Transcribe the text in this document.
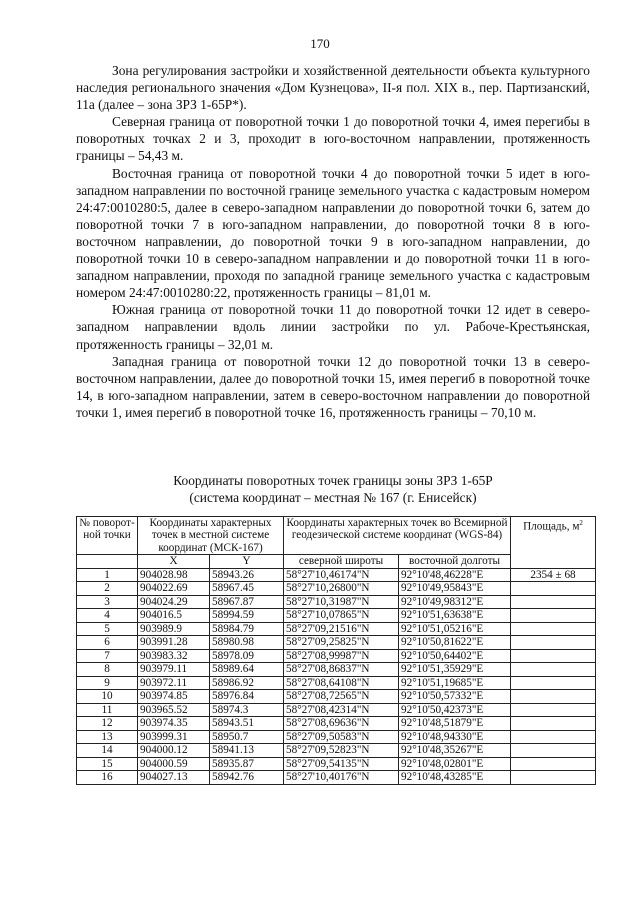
170

Зона регулирования застройки и хозяйственной деятельности объекта культурного наследия регионального значения «Дом Кузнецова», II-я пол. XIX в., пер. Партизанский, 11а (далее – зона ЗРЗ 1-65Р*).

Северная граница от поворотной точки 1 до поворотной точки 4, имея перегибы в поворотных точках 2 и 3, проходит в юго-восточном направлении, протяженность границы – 54,43 м.

Восточная граница от поворотной точки 4 до поворотной точки 5 идет в юго-западном направлении по восточной границе земельного участка с кадастровым номером 24:47:0010280:5, далее в северо-западном направлении до поворотной точки 6, затем до поворотной точки 7 в юго-западном направлении, до поворотной точки 8 в юго-восточном направлении, до поворотной точки 9 в юго-западном направлении, до поворотной точки 10 в северо-западном направлении и до поворотной точки 11 в юго-западном направлении, проходя по западной границе земельного участка с кадастровым номером 24:47:0010280:22, протяженность границы – 81,01 м.

Южная граница от поворотной точки 11 до поворотной точки 12 идет в северо-западном направлении вдоль линии застройки по ул. Рабоче-Крестьянская, протяженность границы – 32,01 м.

Западная граница от поворотной точки 12 до поворотной точки 13 в северо-восточном направлении, далее до поворотной точки 15, имея перегиб в поворотной точке 14, в юго-западном направлении, затем в северо-восточном направлении до поворотной точки 1, имея перегиб в поворотной точке 16, протяженность границы – 70,10 м.

Координаты поворотных точек границы зоны ЗРЗ 1-65Р
(система координат – местная № 167 (г. Енисейск)
№ поворот-ной точки	Координаты характерных точек в местной системе координат (МСК-167)		Координаты характерных точек во Всемирной геодезической системе координат (WGS-84)		Площадь, $м^2$

	X	Y	северной широты	восточной долготы	
1	904028.98	58943.26	58°27'10,46174"N	92°10'48,46228"E	2354 ± 68
2	904022.69	58967.45	58°27'10,26800"N	92°10'49,95843"E	
3	904024.29	58967.87	58°27'10,31987"N	92°10'49,98312"E	
4	904016.5	58994.59	58°27'10,07865"N	92°10'51,63638"E	
5	903989.9	58984.79	58°27'09,21516"N	92°10'51,05216"E	
6	903991.28	58980.98	58°27'09,25825"N	92°10'50,81622"E	
7	903983.32	58978.09	58°27'08,99987"N	92°10'50,64402"E	
8	903979.11	58989.64	58°27'08,86837"N	92°10'51,35929"E	
9	903972.11	58986.92	58°27'08,64108"N	92°10'51,19685"E	
10	903974.85	58976.84	58°27'08,72565"N	92°10'50,57332"E	
11	903965.52	58974.3	58°27'08,42314"N	92°10'50,42373"E	
12	903974.35	58943.51	58°27'08,69636"N	92°10'48,51879"E	
13	903999.31	58950.7	58°27'09,50583"N	92°10'48,94330"E	
14	904000.12	58941.13	58°27'09,52823"N	92°10'48,35267"E	
15	904000.59	58935.87	58°27'09,54135"N	92°10'48,02801"E	
16	904027.13	58942.76	58°27'10,40176"N	92°10'48,43285"E	
